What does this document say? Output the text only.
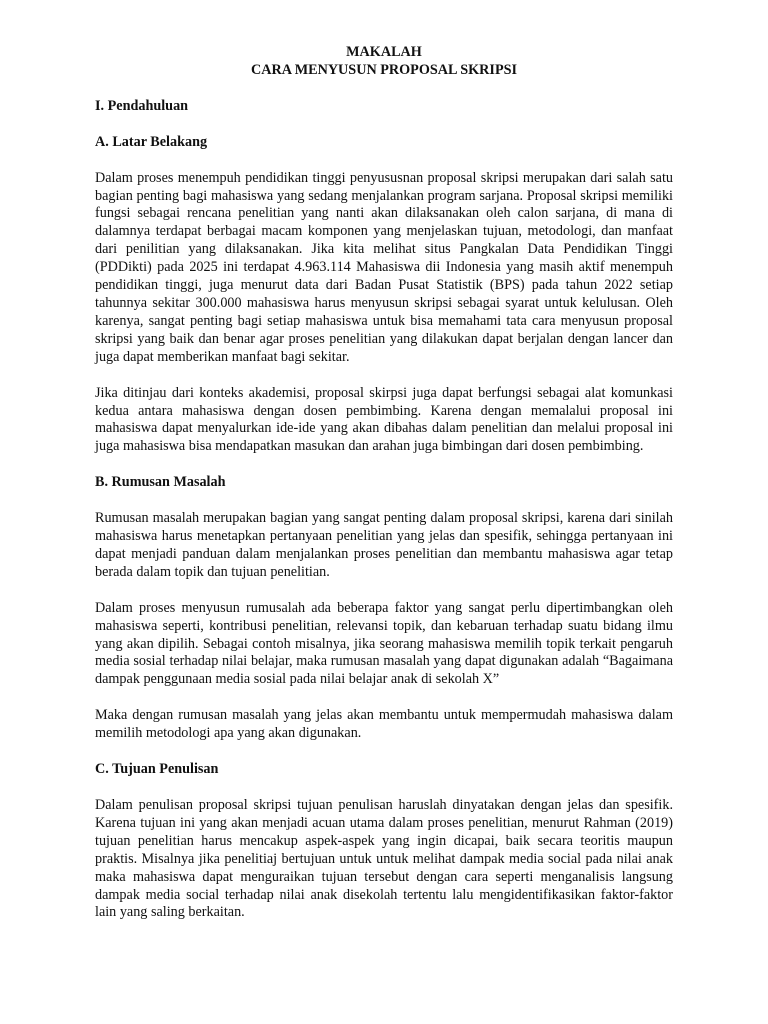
MAKALAH

CARA MENYUSUN PROPOSAL SKRIPSI

I. Pendahuluan

A. Latar Belakang

Dalam proses menempuh pendidikan tinggi penyususnan proposal skripsi merupakan dari salah satu bagian penting bagi mahasiswa yang sedang menjalankan program sarjana. Proposal skripsi memiliki fungsi sebagai rencana penelitian yang nanti akan dilaksanakan oleh calon sarjana, di mana di dalamnya terdapat berbagai macam komponen yang menjelaskan tujuan, metodologi, dan manfaat dari penilitian yang dilaksanakan. Jika kita melihat situs Pangkalan Data Pendidikan Tinggi (PDDikti) pada 2025 ini terdapat 4.963.114 Mahasiswa dii Indonesia yang masih aktif menempuh pendidikan tinggi, juga menurut data dari Badan Pusat Statistik (BPS) pada tahun 2022 setiap tahunnya sekitar 300.000 mahasiswa harus menyusun skripsi sebagai syarat untuk kelulusan. Oleh karenya, sangat penting bagi setiap mahasiswa untuk bisa memahami tata cara menyusun proposal skripsi yang baik dan benar agar proses penelitian yang dilakukan dapat berjalan dengan lancer dan juga dapat memberikan manfaat bagi sekitar.

Jika ditinjau dari konteks akademisi, proposal skirpsi juga dapat berfungsi sebagai alat komunkasi kedua antara mahasiswa dengan dosen pembimbing. Karena dengan memalalui proposal ini mahasiswa dapat menyalurkan ide-ide yang akan dibahas dalam penelitian dan melalui proposal ini juga mahasiswa bisa mendapatkan masukan dan arahan juga bimbingan dari dosen pembimbing.

B. Rumusan Masalah

Rumusan masalah merupakan bagian yang sangat penting dalam proposal skripsi, karena dari sinilah mahasiswa harus menetapkan pertanyaan penelitian yang jelas dan spesifik, sehingga pertanyaan ini dapat menjadi panduan dalam menjalankan proses penelitian dan membantu mahasiswa agar tetap berada dalam topik dan tujuan penelitian.

Dalam proses menyusun rumusalah ada beberapa faktor yang sangat perlu dipertimbangkan oleh mahasiswa seperti, kontribusi penelitian, relevansi topik, dan kebaruan terhadap suatu bidang ilmu yang akan dipilih. Sebagai contoh misalnya, jika seorang mahasiswa memilih topik terkait pengaruh media sosial terhadap nilai belajar, maka rumusan masalah yang dapat digunakan adalah “Bagaimana dampak penggunaan media sosial pada nilai belajar anak di sekolah X”

Maka dengan rumusan masalah yang jelas akan membantu untuk mempermudah mahasiswa dalam memilih metodologi apa yang akan digunakan.

C. Tujuan Penulisan

Dalam penulisan proposal skripsi tujuan penulisan haruslah dinyatakan dengan jelas dan spesifik. Karena tujuan ini yang akan menjadi acuan utama dalam proses penelitian, menurut Rahman (2019) tujuan penelitian harus mencakup aspek-aspek yang ingin dicapai, baik secara teoritis maupun praktis. Misalnya jika penelitiaj bertujuan untuk untuk melihat dampak media social pada nilai anak maka mahasiswa dapat menguraikan tujuan tersebut dengan cara seperti menganalisis langsung dampak media social terhadap nilai anak disekolah tertentu lalu mengidentifikasikan faktor-faktor lain yang saling berkaitan.
